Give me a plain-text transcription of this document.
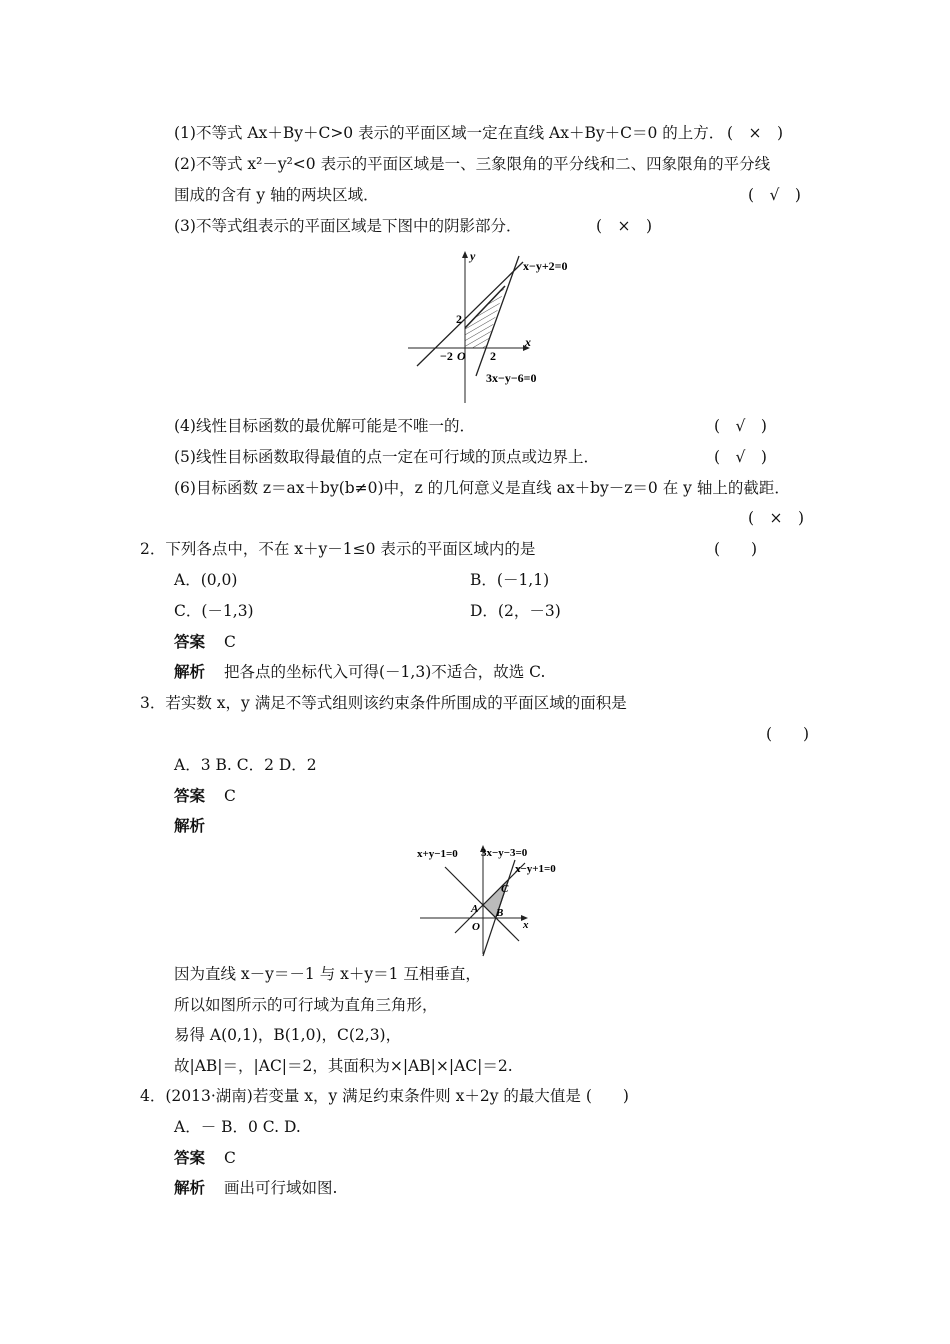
(1)不等式 Ax＋By＋C>0 表示的平面区域一定在直线 Ax＋By＋C＝0 的上方． (　×　)
(2)不等式 x²－y²<0 表示的平面区域是一、三象限角的平分线和二、四象限角的平分线
围成的含有 y 轴的两块区域．	(　√　)
(3)不等式组表示的平面区域是下图中的阴影部分．	(　×　)
y
x
x−y+2=0
3x−y−6=0
2
−2 O 2
(4)线性目标函数的最优解可能是不唯一的．	(　√　)
(5)线性目标函数取得最值的点一定在可行域的顶点或边界上．	(　√　)
(6)目标函数 z＝ax＋by(b≠0)中，z 的几何意义是直线 ax＋by－z＝0 在 y 轴上的截距．
(　×　)
2．下列各点中，不在 x＋y－1≤0 表示的平面区域内的是	(　　)
A．(0,0)	B．(－1,1)
C．(－1,3)	D．(2，－3)
答案 C
解析 把各点的坐标代入可得(－1,3)不适合，故选 C.
3．若实数 x，y 满足不等式组则该约束条件所围成的平面区域的面积是
(　　)
A．3 B. C．2 D．2
答案 C
解析
x+y−1=0 3x−y−3=0
x−y+1=0
A B
C
O	x
因为直线 x－y＝－1 与 x＋y＝1 互相垂直，
所以如图所示的可行域为直角三角形，
易得 A(0,1)，B(1,0)，C(2,3)，
故|AB|＝，|AC|＝2，其面积为×|AB|×|AC|＝2.
4．(2013·湖南)若变量 x，y 满足约束条件则 x＋2y 的最大值是 (　　)
A．－ B．0 C. D.
答案 C
解析 画出可行域如图.
